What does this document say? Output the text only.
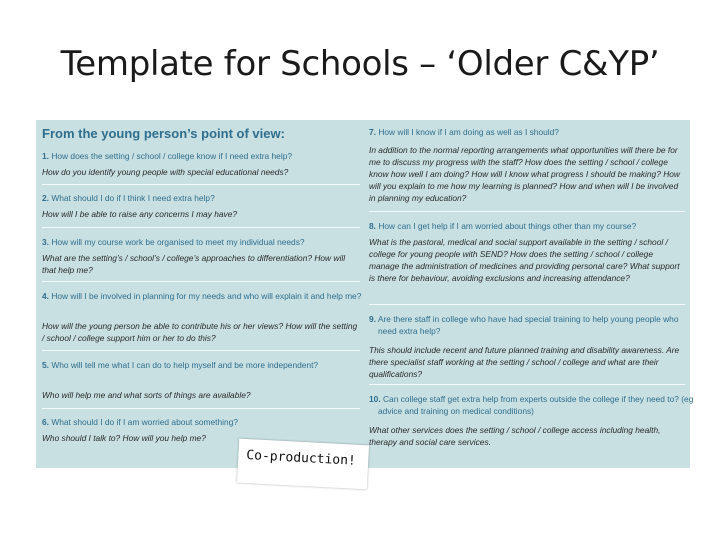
Template for Schools – ‘Older C&YP’
From the young person’s point of view:
1. How does the setting / school / college know if I need extra help?
How do you identify young people with special educational needs?
2. What should I do if I think I need extra help?
How will I be able to raise any concerns I may have?
3. How will my course work be organised to meet my individual needs?
What are the setting’s / school’s / college’s approaches to differentiation? How will that help me?
4. How will I be involved in planning for my needs and who will explain it and help me?
How will the young person be able to contribute his or her views? How will the setting / school / college support him or her to do this?
5. Who will tell me what I can do to help myself and be more independent?
Who will help me and what sorts of things are available?
6. What should I do if I am worried about something?
Who should I talk to? How will you help me?
7. How will I know if I am doing as well as I should?
In addition to the normal reporting arrangements what opportunities will there be for me to discuss my progress with the staff? How does the setting / school / college know how well I am doing? How will I know what progress I should be making? How will you explain to me how my learning is planned? How and when will I be involved in planning my education?
8. How can I get help if I am worried about things other than my course?
What is the pastoral, medical and social support available in the setting / school / college for young people with SEND? How does the setting / school / college manage the administration of medicines and providing personal care? What support is there for behaviour, avoiding exclusions and increasing attendance?
9. Are there staff in college who have had special training to help young people who need extra help?
This should include recent and future planned training and disability awareness. Are there specialist staff working at the setting / school / college and what are their qualifications?
10. Can college staff get extra help from experts outside the college if they need to? (eg advice and training on medical conditions)
What other services does the setting / school / college access including health, therapy and social care services.
Co-production!
